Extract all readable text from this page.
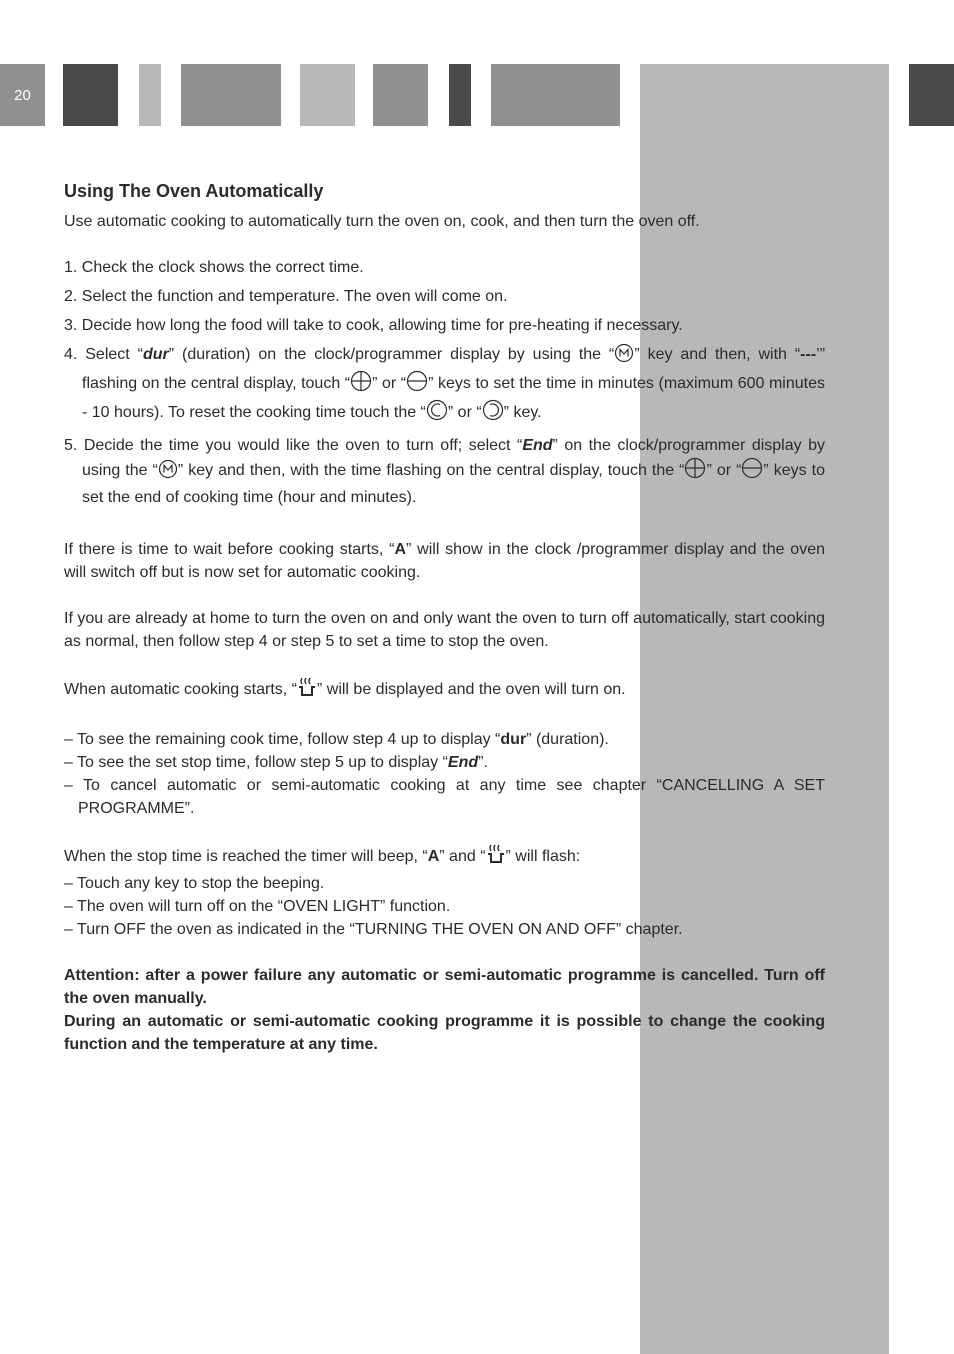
20
Using The Oven Automatically

Use automatic cooking to automatically turn the oven on, cook, and then turn the oven off.

1. Check the clock shows the correct time.
2. Select the function and temperature. The oven will come on.
3. Decide how long the food will take to cook, allowing time for pre-heating if necessary.
4. Select “dur” (duration) on the clock/programmer display by using the “ ” key and then, with “---’” flashing on the central display, touch “ ” or “ ” keys to set the time in minutes (maximum 600 minutes - 10 hours). To reset the cooking time touch the “ ” or “ ” key.
5. Decide the time you would like the oven to turn off; select “End” on the clock/programmer display by using the “ ” key and then, with the time flashing on the central display, touch the “ ” or “ ” keys to set the end of cooking time (hour and minutes).

If there is time to wait before cooking starts, “A” will show in the clock /programmer display and the oven will switch off but is now set for automatic cooking.

If you are already at home to turn the oven on and only want the oven to turn off automatically, start cooking as normal, then follow step 4 or step 5 to set a time to stop the oven.

When automatic cooking starts, “ ” will be displayed and the oven will turn on.

– To see the remaining cook time, follow step 4 up to display “dur” (duration).
– To see the set stop time, follow step 5 up to display “End”.
– To cancel automatic or semi-automatic cooking at any time see chapter “CANCELLING A SET PROGRAMME”.

When the stop time is reached the timer will beep, “A” and “ ” will flash:

– Touch any key to stop the beeping.
– The oven will turn off on the “OVEN LIGHT” function.
– Turn OFF the oven as indicated in the “TURNING THE OVEN ON AND OFF” chapter.

Attention: after a power failure any automatic or semi-automatic programme is cancelled. Turn off the oven manually.

During an automatic or semi-automatic cooking programme it is possible to change the cooking function and the temperature at any time.
